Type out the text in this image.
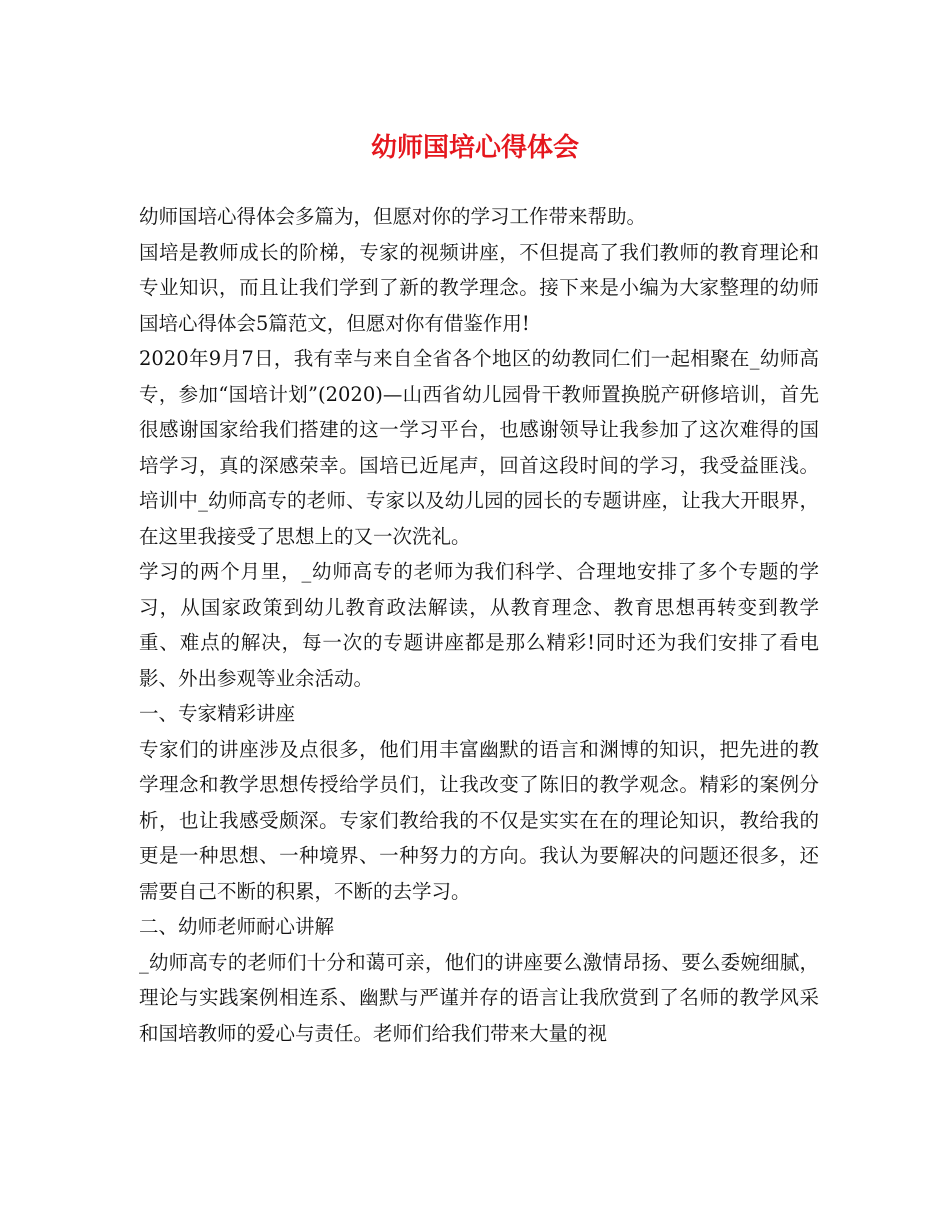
幼师国培心得体会

幼师国培心得体会多篇为，但愿对你的学习工作带来帮助。

国培是教师成长的阶梯，专家的视频讲座，不但提高了我们教师的教育理论和专业知识，而且让我们学到了新的教学理念。接下来是小编为大家整理的幼师国培心得体会5篇范文，但愿对你有借鉴作用!

2020年9月7日，我有幸与来自全省各个地区的幼教同仁们一起相聚在_幼师高专，参加“国培计划”(2020)—山西省幼儿园骨干教师置换脱产研修培训，首先很感谢国家给我们搭建的这一学习平台，也感谢领导让我参加了这次难得的国培学习，真的深感荣幸。国培已近尾声，回首这段时间的学习，我受益匪浅。培训中_幼师高专的老师、专家以及幼儿园的园长的专题讲座，让我大开眼界，在这里我接受了思想上的又一次洗礼。

学习的两个月里，_幼师高专的老师为我们科学、合理地安排了多个专题的学习，从国家政策到幼儿教育政法解读，从教育理念、教育思想再转变到教学重、难点的解决，每一次的专题讲座都是那么精彩!同时还为我们安排了看电影、外出参观等业余活动。

一、专家精彩讲座

专家们的讲座涉及点很多，他们用丰富幽默的语言和渊博的知识，把先进的教学理念和教学思想传授给学员们，让我改变了陈旧的教学观念。精彩的案例分析，也让我感受颇深。专家们教给我的不仅是实实在在的理论知识，教给我的更是一种思想、一种境界、一种努力的方向。我认为要解决的问题还很多，还需要自己不断的积累，不断的去学习。

二、幼师老师耐心讲解

_幼师高专的老师们十分和蔼可亲，他们的讲座要么激情昂扬、要么委婉细腻，理论与实践案例相连系、幽默与严谨并存的语言让我欣赏到了名师的教学风采和国培教师的爱心与责任。老师们给我们带来大量的视
